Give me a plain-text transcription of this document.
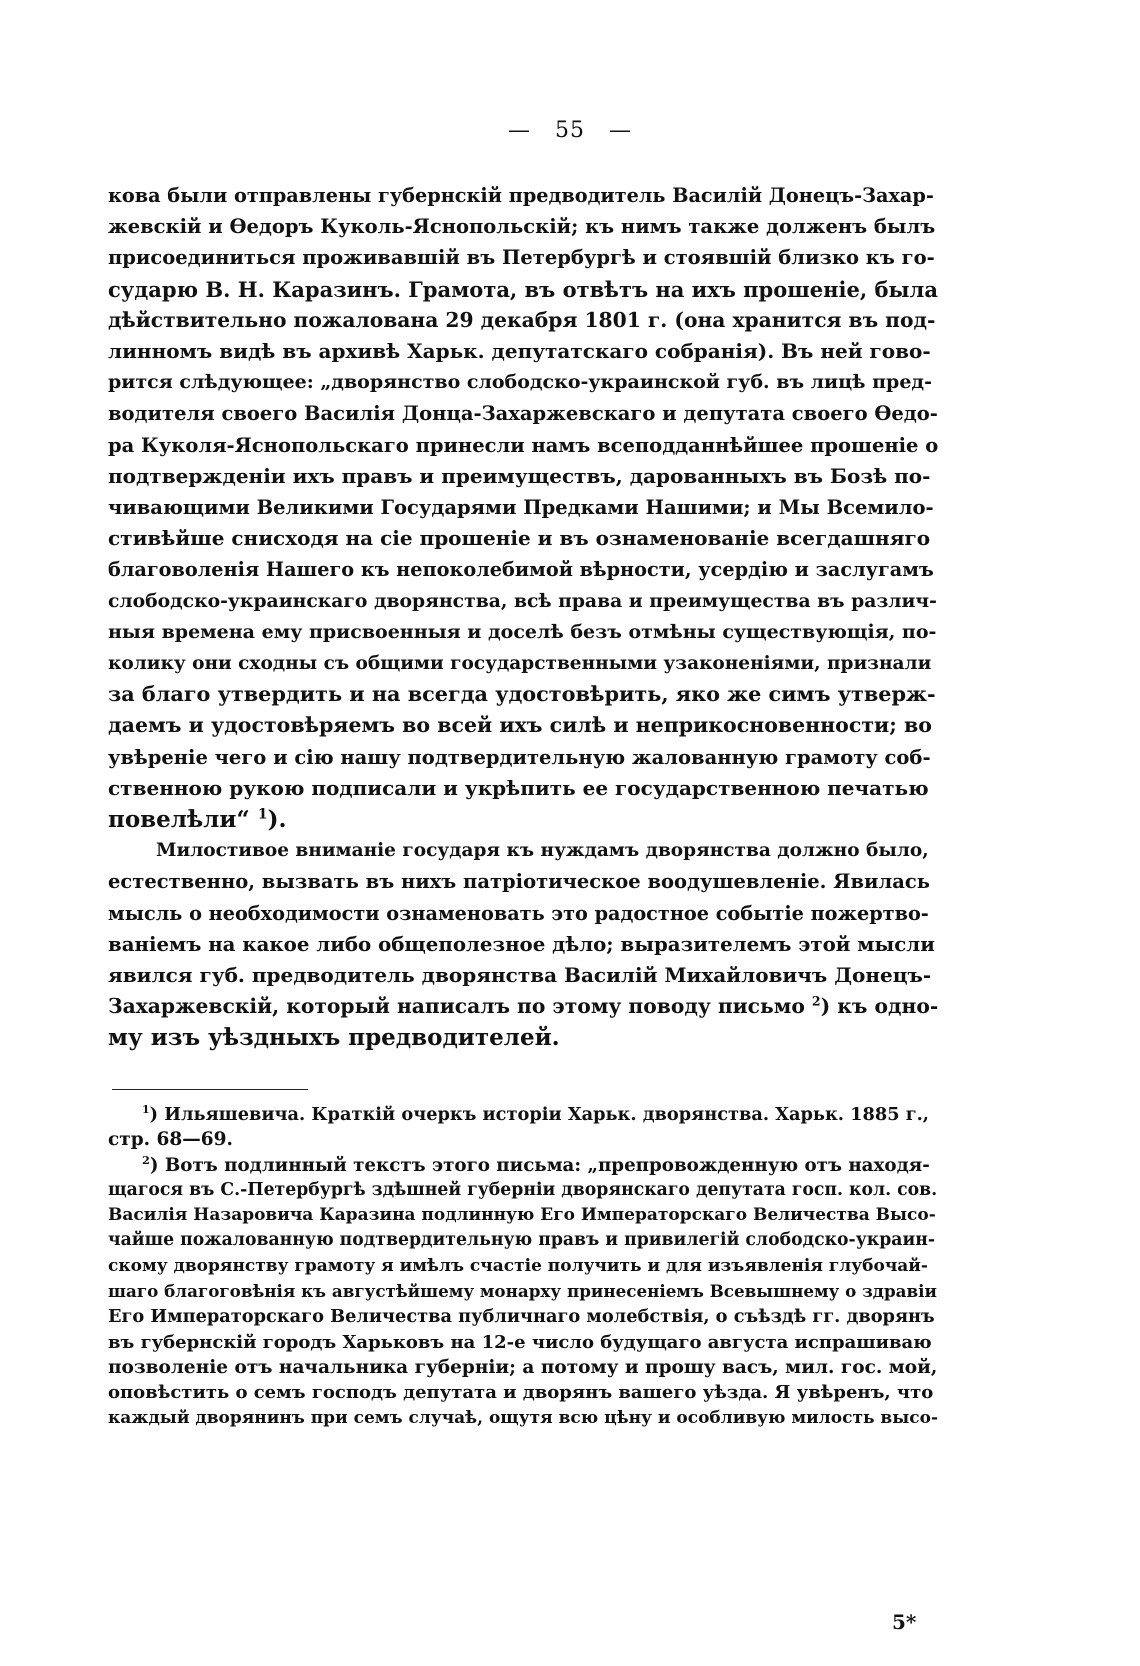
—   55   —
кова были отправлены губернскій предводитель Василій Донецъ-Захар-
жевскій и Ѳедоръ Куколь-Яснопольскій; къ нимъ также долженъ былъ
присоединиться проживавшій въ Петербургѣ и стоявшій близко къ го-
сударю В. Н. Каразинъ. Грамота, въ отвѣтъ на ихъ прошеніе, была
дѣйствительно пожалована 29 декабря 1801 г. (она хранится въ под-
линномъ видѣ въ архивѣ Харьк. депутатскаго собранія). Въ ней гово-
рится слѣдующее: „дворянство слободско-украинской губ. въ лицѣ пред-
водителя своего Василія Донца-Захаржевскаго и депутата своего Ѳедо-
ра Куколя-Яснопольскаго принесли намъ всеподданнѣйшее прошеніе о
подтвержденіи ихъ правъ и преимуществъ, дарованныхъ въ Бозѣ по-
чивающими Великими Государями Предками Нашими; и Мы Всемило-
стивѣйше снисходя на сіе прошеніе и въ ознаменованіе всегдашняго
благоволенія Нашего къ непоколебимой вѣрности, усердію и заслугамъ
слободско-украинскаго дворянства, всѣ права и преимущества въ различ-
ныя времена ему присвоенныя и доселѣ безъ отмѣны существующія, по-
колику они сходны съ общими государственными узаконеніями, признали
за благо утвердить и на всегда удостовѣрить, яко же симъ утверж-
даемъ и удостовѣряемъ во всей ихъ силѣ и неприкосновенности; во
увѣреніе чего и сію нашу подтвердительную жалованную грамоту соб-
ственною рукою подписали и укрѣпить ее государственною печатью
повелѣли“ $^1$).
Милостивое вниманіе государя къ нуждамъ дворянства должно было,
естественно, вызвать въ нихъ патріотическое воодушевленіе. Явилась
мысль о необходимости ознаменовать это радостное событіе пожертво-
ваніемъ на какое либо общеполезное дѣло; выразителемъ этой мысли
явился губ. предводитель дворянства Василій Михайловичъ Донецъ-
Захаржевскій, который написалъ по этому поводу письмо $^2$) къ одно-
му изъ уѣздныхъ предводителей.
$^1$) Ильяшевича. Краткій очеркъ исторіи Харьк. дворянства. Харьк. 1885 г.,
стр. 68—69.
$^2$) Вотъ подлинный текстъ этого письма: „препровожденную отъ находя-
щагося въ С.-Петербургѣ здѣшней губерніи дворянскаго депутата госп. кол. сов.
Василія Назаровича Каразина подлинную Его Императорскаго Величества Высо-
чайше пожалованную подтвердительную правъ и привилегій слободско-украин-
скому дворянству грамоту я имѣлъ счастіе получить и для изъявленія глубочай-
шаго благоговѣнія къ августѣйшему монарху принесеніемъ Всевышнему о здравіи
Его Императорскаго Величества публичнаго молебствія, о съѣздѣ гг. дворянъ
въ губернскій городъ Харьковъ на 12-е число будущаго августа испрашиваю
позволеніе отъ начальника губерніи; а потому и прошу васъ, мил. гос. мой,
оповѣстить о семъ господъ депутата и дворянъ вашего уѣзда. Я увѣренъ, что
каждый дворянинъ при семъ случаѣ, ощутя всю цѣну и особливую милость высо-
5*
